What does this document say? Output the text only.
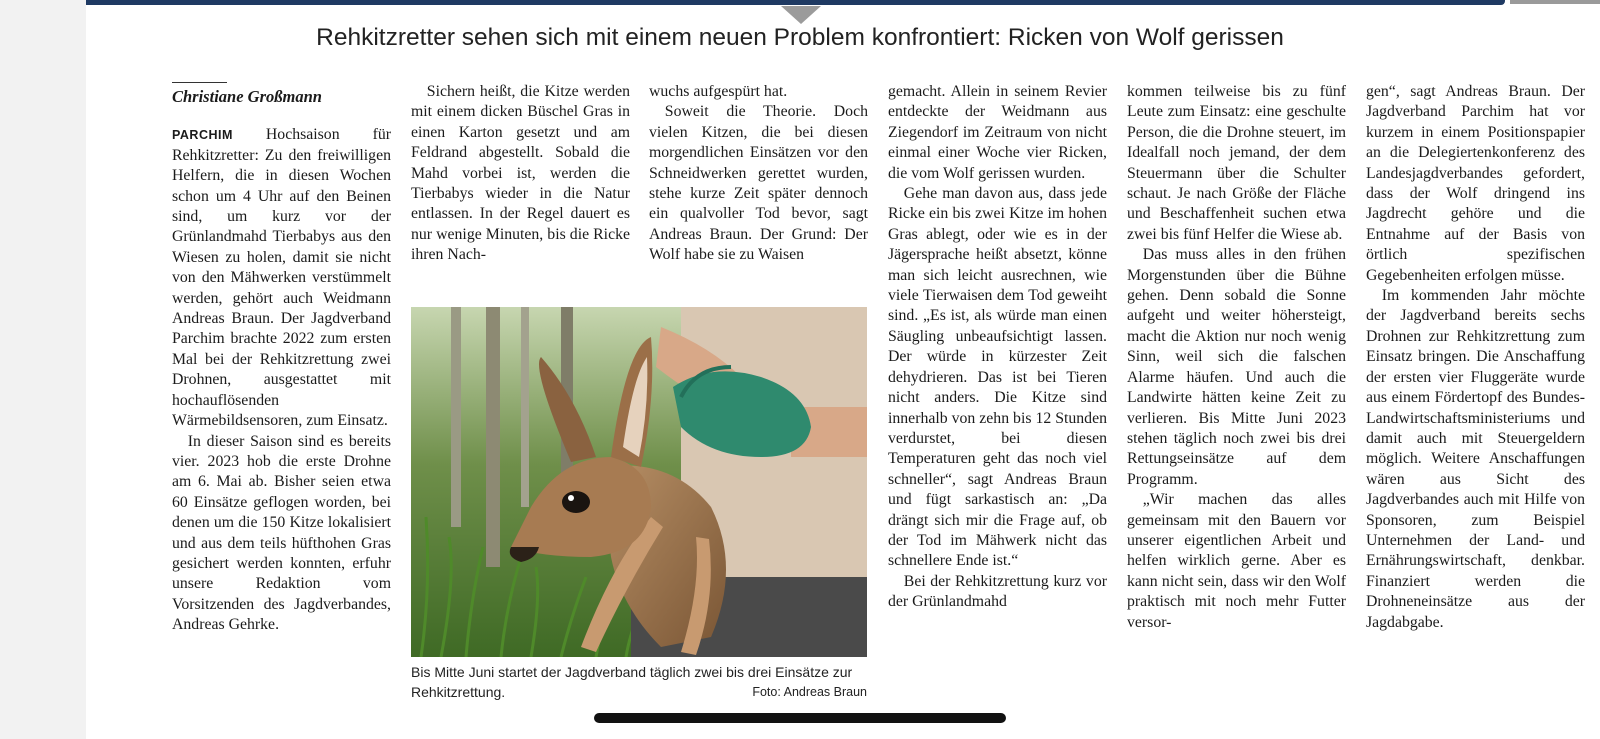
Rehkitzretter sehen sich mit einem neuen Problem konfrontiert: Ricken von Wolf gerissen

Christiane Großmann

PARCHIM Hochsaison für Rehkitzretter: Zu den freiwilligen Helfern, die in diesen Wochen schon um 4 Uhr auf den Beinen sind, um kurz vor der Grünlandmahd Tierbabys aus den Wiesen zu holen, damit sie nicht von den Mähwerken verstümmelt werden, gehört auch Weidmann Andreas Braun. Der Jagdverband Parchim brachte 2022 zum ersten Mal bei der Rehkitzrettung zwei Drohnen, ausgestattet mit hochauflösenden Wärmebildsensoren, zum Einsatz.

In dieser Saison sind es bereits vier. 2023 hob die erste Drohne am 6. Mai ab. Bisher seien etwa 60 Einsätze geflogen worden, bei denen um die 150 Kitze lokalisiert und aus dem teils hüfthohen Gras gesichert werden konnten, erfuhr unsere Redaktion vom Vorsitzenden des Jagdverbandes, Andreas Gehrke.

Sichern heißt, die Kitze werden mit einem dicken Büschel Gras in einen Karton gesetzt und am Feldrand abgestellt. Sobald die Mahd vorbei ist, werden die Tierbabys wieder in die Natur entlassen. In der Regel dauert es nur wenige Minuten, bis die Ricke ihren Nach-

wuchs aufgespürt hat.

Soweit die Theorie. Doch vielen Kitzen, die bei diesen morgendlichen Einsätzen vor den Schneidwerken gerettet wurden, stehe kurze Zeit später dennoch ein qualvoller Tod bevor, sagt Andreas Braun. Der Grund: Der Wolf habe sie zu Waisen

gemacht. Allein in seinem Revier entdeckte der Weidmann aus Ziegendorf im Zeitraum von nicht einmal einer Woche vier Ricken, die vom Wolf gerissen wurden.

Gehe man davon aus, dass jede Ricke ein bis zwei Kitze im hohen Gras ablegt, oder wie es in der Jägersprache heißt absetzt, könne man sich leicht ausrechnen, wie viele Tierwaisen dem Tod geweiht sind. „Es ist, als würde man einen Säugling unbeaufsichtigt lassen. Der würde in kürzester Zeit dehydrieren. Das ist bei Tieren nicht anders. Die Kitze sind innerhalb von zehn bis 12 Stunden verdurstet, bei diesen Temperaturen geht das noch viel schneller“, sagt Andreas Braun und fügt sarkastisch an: „Da drängt sich mir die Frage auf, ob der Tod im Mähwerk nicht das schnellere Ende ist.“

Bei der Rehkitzrettung kurz vor der Grünlandmahd

kommen teilweise bis zu fünf Leute zum Einsatz: eine geschulte Person, die die Drohne steuert, im Idealfall noch jemand, der dem Steuermann über die Schulter schaut. Je nach Größe der Fläche und Beschaffenheit suchen etwa zwei bis fünf Helfer die Wiese ab.

Das muss alles in den frühen Morgenstunden über die Bühne gehen. Denn sobald die Sonne aufgeht und weiter höhersteigt, macht die Aktion nur noch wenig Sinn, weil sich die falschen Alarme häufen. Und auch die Landwirte hätten keine Zeit zu verlieren. Bis Mitte Juni 2023 stehen täglich noch zwei bis drei Rettungseinsätze auf dem Programm.

„Wir machen das alles gemeinsam mit den Bauern vor unserer eigentlichen Arbeit und helfen wirklich gerne. Aber es kann nicht sein, dass wir den Wolf praktisch mit noch mehr Futter versor-

gen“, sagt Andreas Braun. Der Jagdverband Parchim hat vor kurzem in einem Positionspapier an die Delegiertenkonferenz des Landesjagdverbandes gefordert, dass der Wolf dringend ins Jagdrecht gehöre und die Entnahme auf der Basis von örtlich spezifischen Gegebenheiten erfolgen müsse.

Im kommenden Jahr möchte der Jagdverband bereits sechs Drohnen zur Rehkitzrettung zum Einsatz bringen. Die Anschaffung der ersten vier Fluggeräte wurde aus einem Fördertopf des Bundes-Landwirtschaftsministeriums und damit auch mit Steuergeldern möglich. Weitere Anschaffungen wären aus Sicht des Jagdverbandes auch mit Hilfe von Sponsoren, zum Beispiel Unternehmen der Land- und Ernährungswirtschaft, denkbar. Finanziert werden die Drohneneinsätze aus der Jagdabgabe.

Bis Mitte Juni startet der Jagdverband täglich zwei bis drei Einsätze zur Rehkitzrettung.	Foto: Andreas Braun
